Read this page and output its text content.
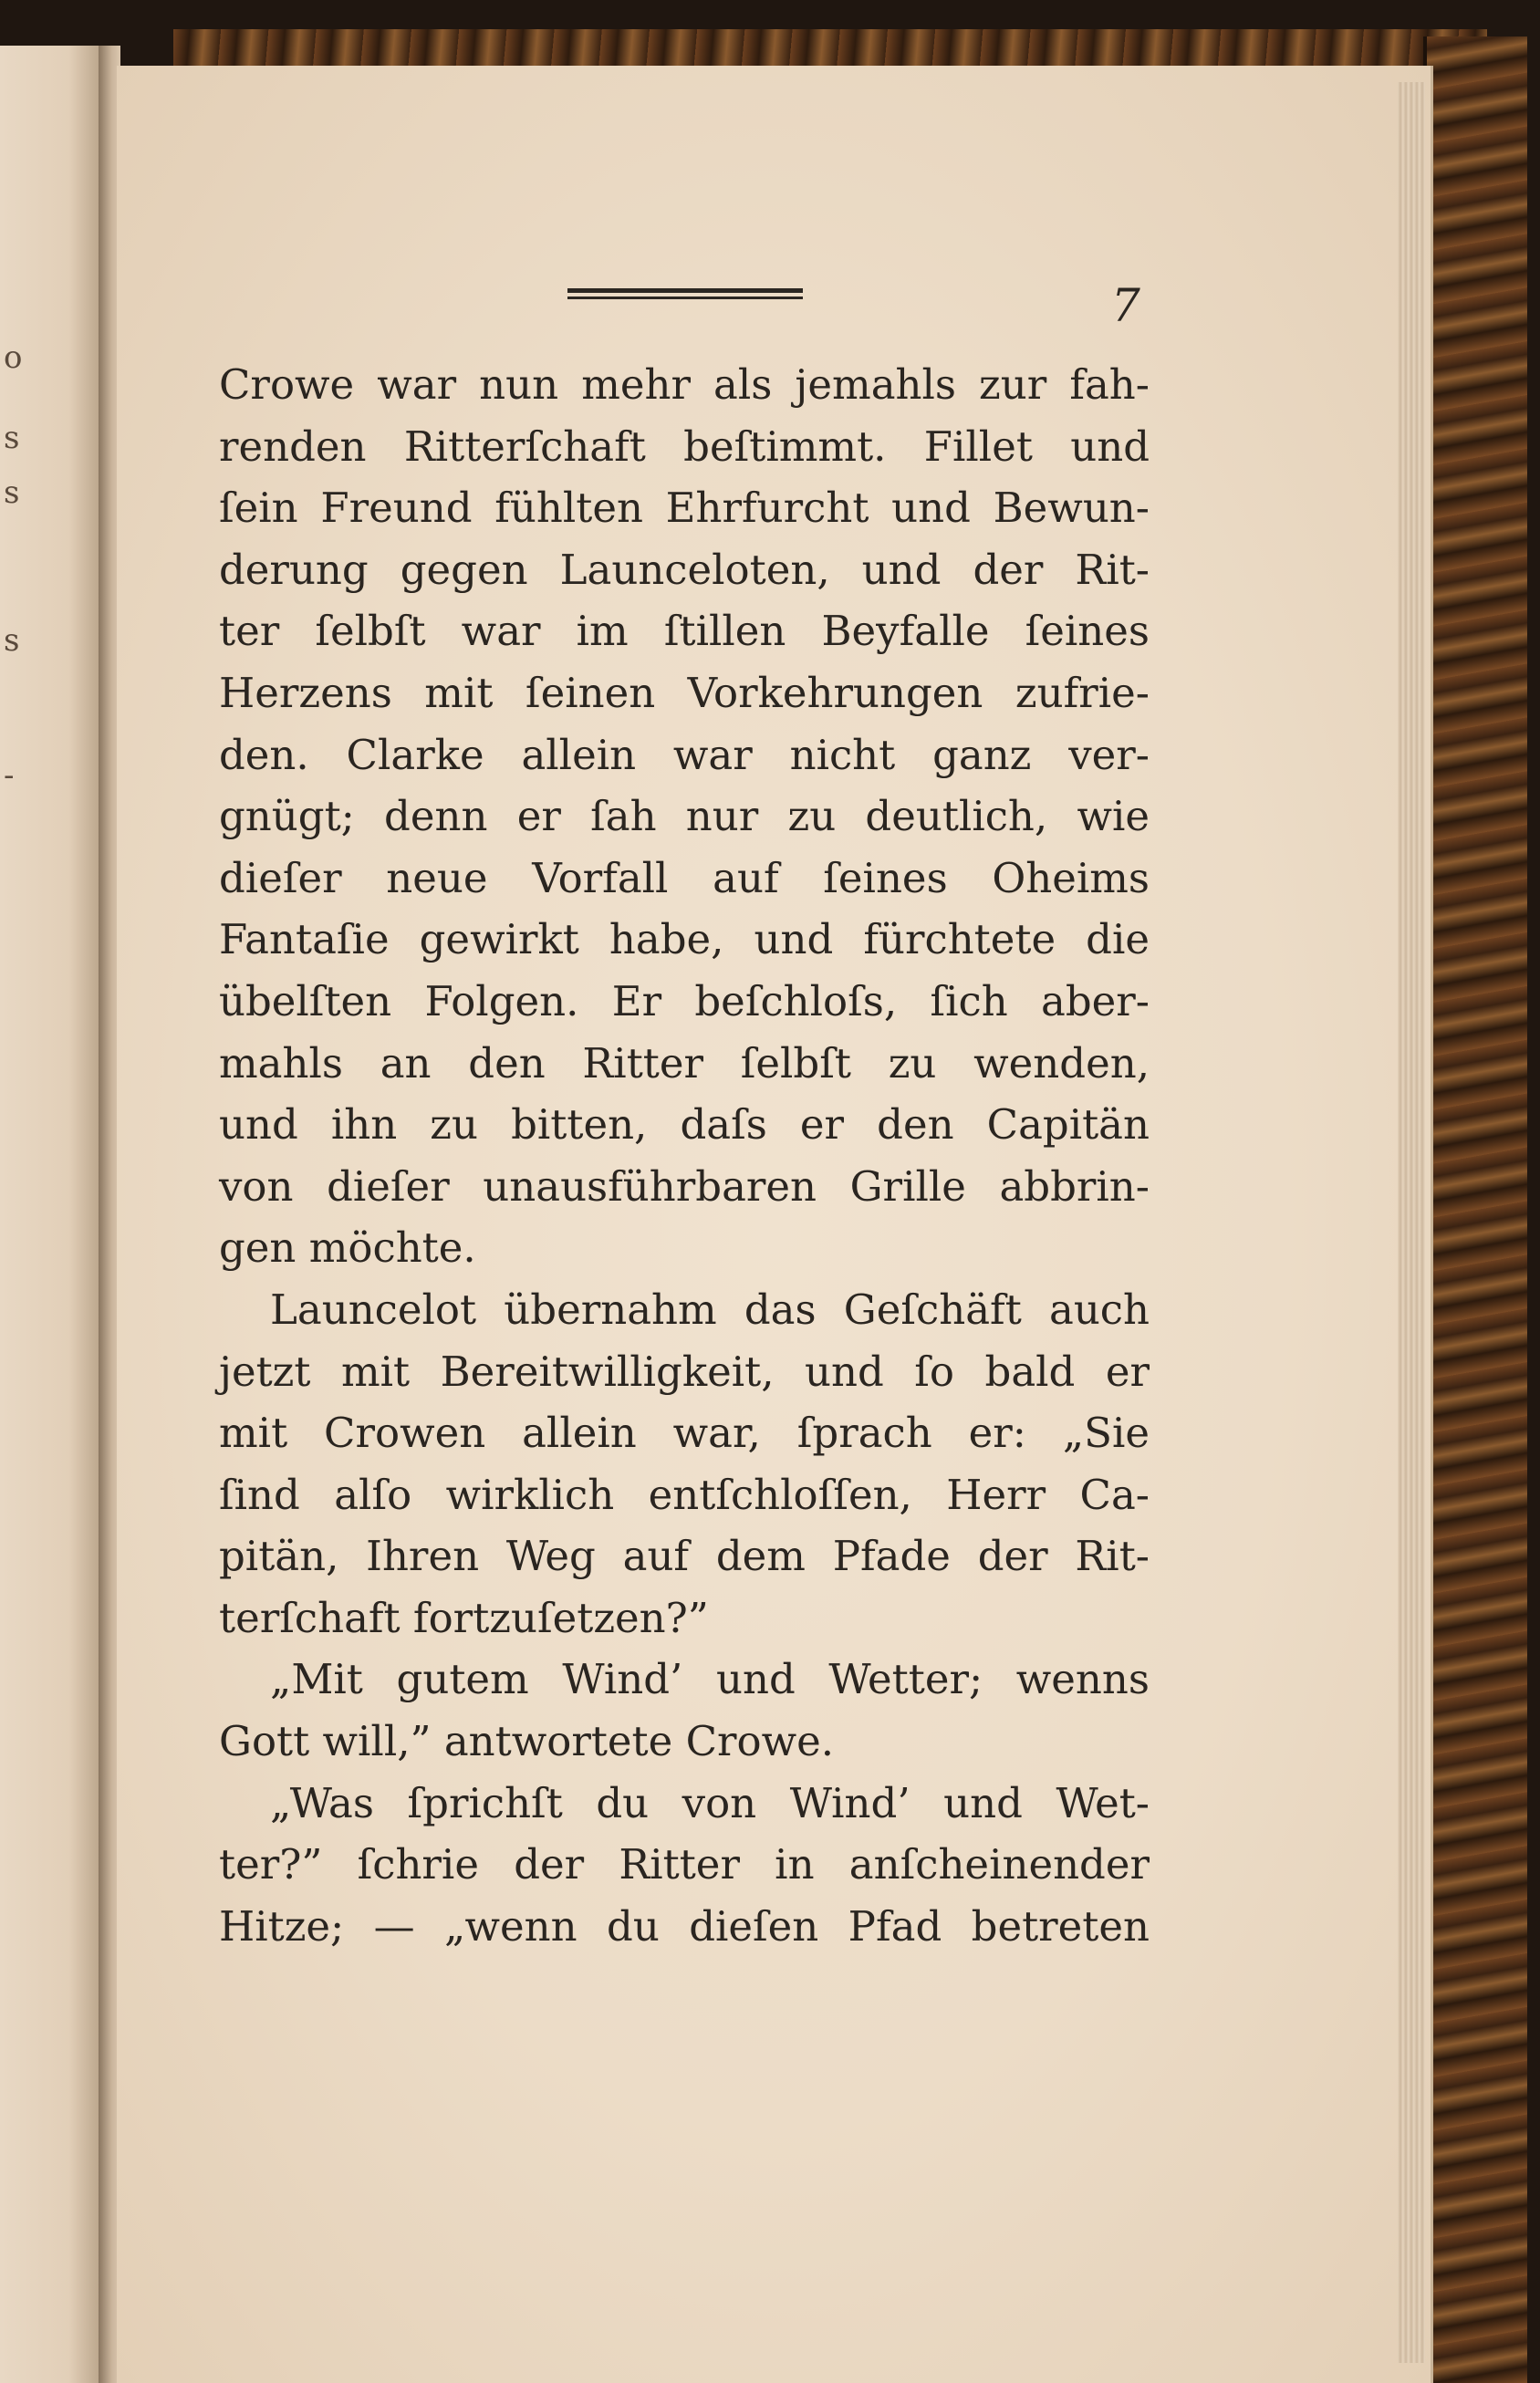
o
s
s
s
-
7
Crowe war nun mehr als jemahls zur fah-
renden Ritterſchaft beſtimmt. Fillet und
ſein Freund fühlten Ehrfurcht und Bewun-
derung gegen Launceloten, und der Rit-
ter ſelbſt war im ſtillen Beyfalle ſeines
Herzens mit ſeinen Vorkehrungen zufrie-
den. Clarke allein war nicht ganz ver-
gnügt; denn er ſah nur zu deutlich, wie
dieſer neue Vorfall auf ſeines Oheims
Fantaſie gewirkt habe, und fürchtete die
übelſten Folgen. Er beſchloſs, ſich aber-
mahls an den Ritter ſelbſt zu wenden,
und ihn zu bitten, daſs er den Capitän
von dieſer unausführbaren Grille abbrin-
gen möchte.
Launcelot übernahm das Geſchäft auch
jetzt mit Bereitwilligkeit, und ſo bald er
mit Crowen allein war, ſprach er: „Sie
ſind alſo wirklich entſchloſſen, Herr Ca-
pitän, Ihren Weg auf dem Pfade der Rit-
terſchaft fortzuſetzen?”
„Mit gutem Wind’ und Wetter; wenns
Gott will,” antwortete Crowe.
„Was ſprichſt du von Wind’ und Wet-
ter?” ſchrie der Ritter in anſcheinender
Hitze; — „wenn du dieſen Pfad betreten
